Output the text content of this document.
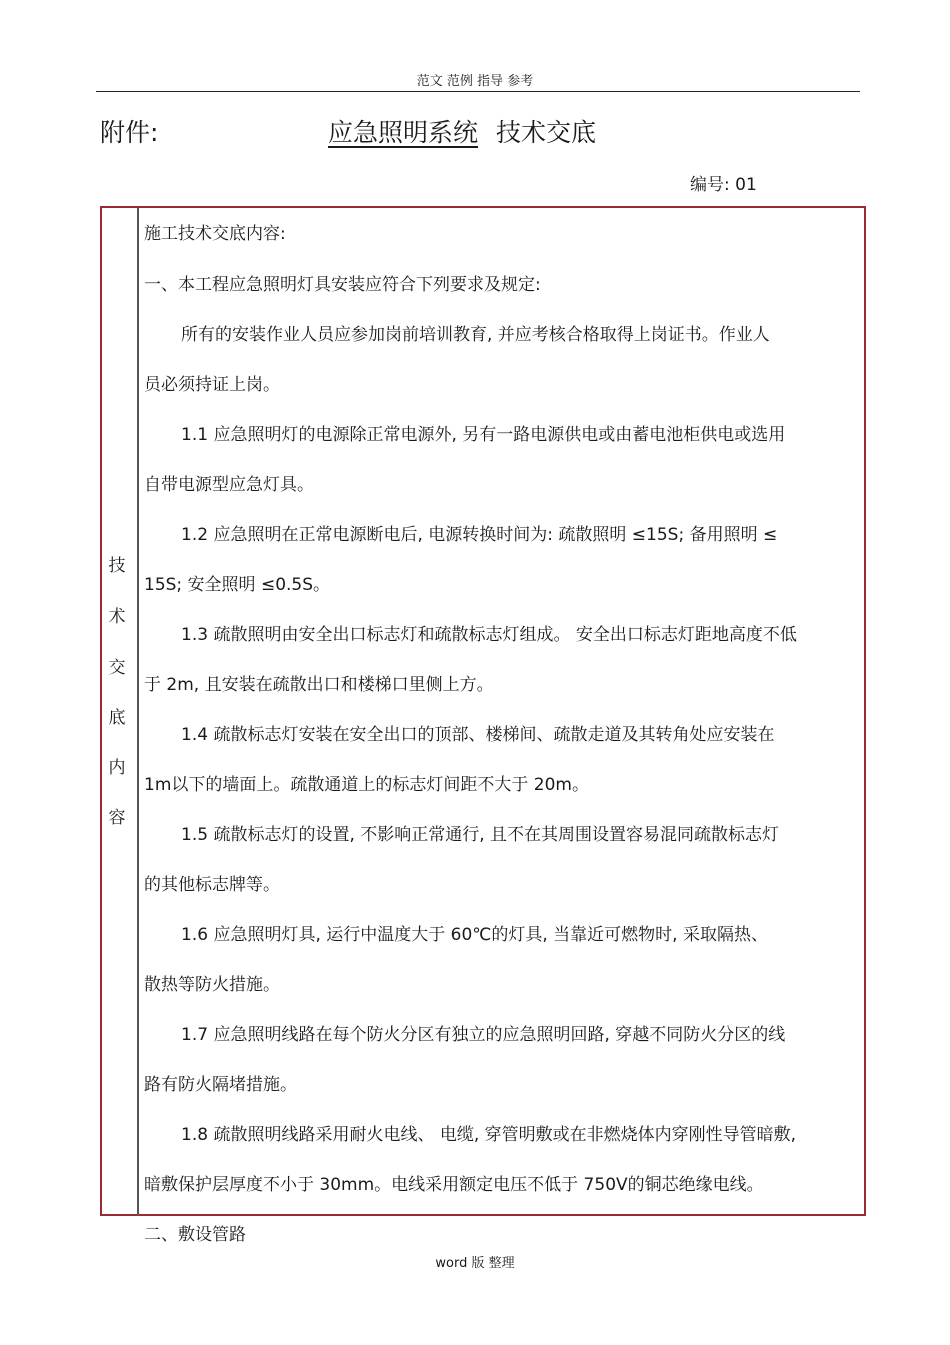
范文 范例 指导 参考
附件:	应急照明系统 技术交底
编号: 01
技
术
交
底
内
容
施工技术交底内容:
一、本工程应急照明灯具安装应符合下列要求及规定:
所有的安装作业人员应参加岗前培训教育, 并应考核合格取得上岗证书。作业人
员必须持证上岗。
1.1 应急照明灯的电源除正常电源外, 另有一路电源供电或由蓄电池柜供电或选用
自带电源型应急灯具。
1.2 应急照明在正常电源断电后, 电源转换时间为: 疏散照明 ≤15S; 备用照明 ≤
15S; 安全照明 ≤0.5S。
1.3 疏散照明由安全出口标志灯和疏散标志灯组成。 安全出口标志灯距地高度不低
于 2m, 且安装在疏散出口和楼梯口里侧上方。
1.4 疏散标志灯安装在安全出口的顶部、楼梯间、疏散走道及其转角处应安装在
1m以下的墙面上。疏散通道上的标志灯间距不大于 20m。
1.5 疏散标志灯的设置, 不影响正常通行, 且不在其周围设置容易混同疏散标志灯
的其他标志牌等。
1.6 应急照明灯具, 运行中温度大于 60℃的灯具, 当靠近可燃物时, 采取隔热、
散热等防火措施。
1.7 应急照明线路在每个防火分区有独立的应急照明回路, 穿越不同防火分区的线
路有防火隔堵措施。
1.8 疏散照明线路采用耐火电线、 电缆, 穿管明敷或在非燃烧体内穿刚性导管暗敷,
暗敷保护层厚度不小于 30mm。电线采用额定电压不低于 750V的铜芯绝缘电线。
二、敷设管路
word 版 整理
